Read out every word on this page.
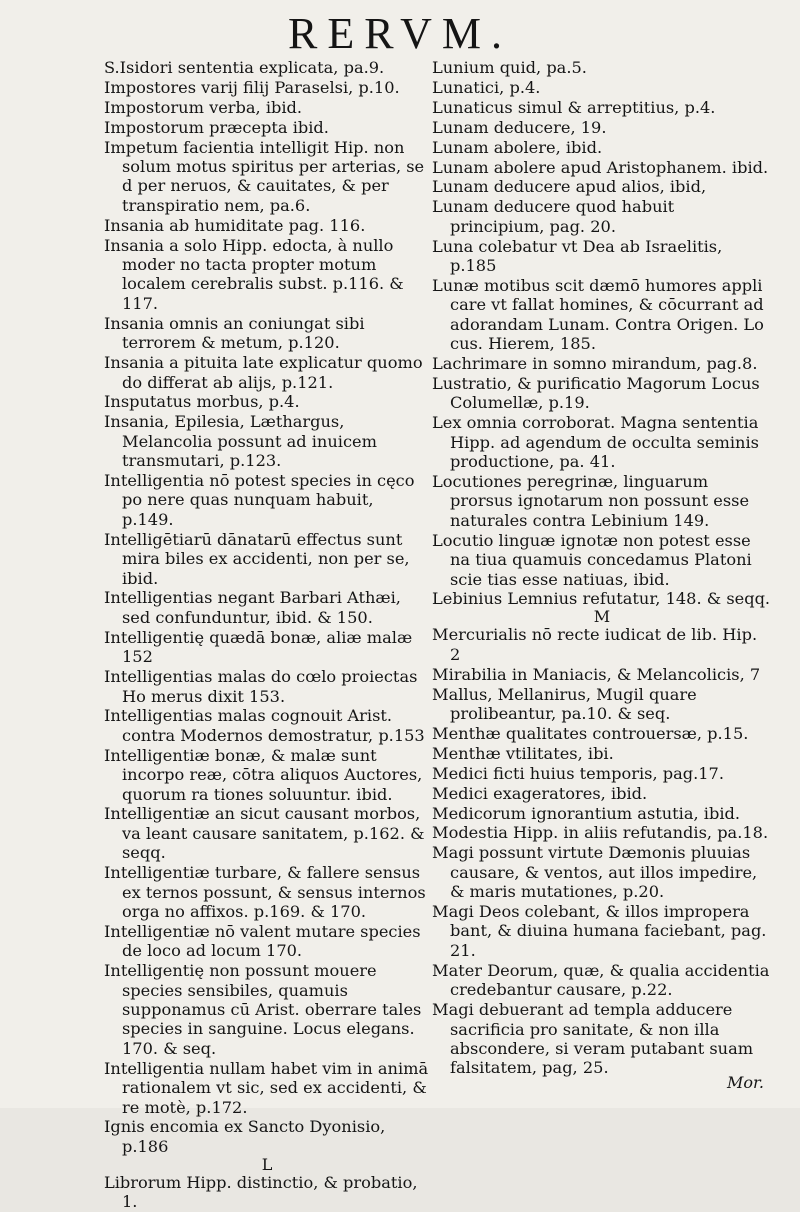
RERVM.
S.Isidori sententia explicata, pa.9.
Impostores varij filij Paraselsi, p.10.
Impostorum verba, ibid.
Impostorum præcepta ibid.
Impetum facientia intelligit Hip. non solum motus spiritus per arterias, se d per neruos, & cauitates, & per transpiratio nem, pa.6.
Insania ab humiditate pag. 116.
Insania a solo Hipp. edocta, à nullo moder no tacta propter motum localem cerebralis subst. p.116. & 117.
Insania omnis an coniungat sibi terrorem & metum, p.120.
Insania a pituita late explicatur quomo do differat ab alijs, p.121.
Insputatus morbus, p.4.
Insania, Epilesia, Læthargus, Melancolia possunt ad inuicem transmutari, p.123.
Intelligentia nō potest species in cęco po nere quas nunquam habuit, p.149.
Intelligētiarū dānatarū effectus sunt mira biles ex accidenti, non per se, ibid.
Intelligentias negant Barbari Athæi, sed confunduntur, ibid. & 150.
Intelligentię quædā bonæ, aliæ malæ 152
Intelligentias malas do cœlo proiectas Ho merus dixit 153.
Intelligentias malas cognouit Arist. contra Modernos demostratur, p.153
Intelligentiæ bonæ, & malæ sunt incorpo reæ, cōtra aliquos Auctores, quorum ra tiones soluuntur. ibid.
Intelligentiæ an sicut causant morbos, va leant causare sanitatem, p.162. & seqq.
Intelligentiæ turbare, & fallere sensus ex ternos possunt, & sensus internos orga no affixos. p.169. & 170.
Intelligentiæ nō valent mutare species de loco ad locum 170.
Intelligentię non possunt mouere species sensibiles, quamuis supponamus cū Arist. oberrare tales species in sanguine. Locus elegans. 170. & seq.
Intelligentia nullam habet vim in animā rationalem vt sic, sed ex accidenti, & re motè, p.172.
Ignis encomia ex Sancto Dyonisio, p.186
L
Librorum Hipp. distinctio, & probatio, 1.
Lunium quid, pa.5.
Lunatici, p.4.
Lunaticus simul & arreptitius, p.4.
Lunam deducere, 19.
Lunam abolere, ibid.
Lunam abolere apud Aristophanem. ibid.
Lunam deducere apud alios, ibid,
Lunam deducere quod habuit principium, pag. 20.
Luna colebatur vt Dea ab Israelitis, p.185
Lunæ motibus scit dæmō humores appli care vt fallat homines, & cōcurrant ad adorandam Lunam. Contra Origen. Lo cus. Hierem, 185.
Lachrimare in somno mirandum, pag.8.
Lustratio, & purificatio Magorum Locus Columellæ, p.19.
Lex omnia corroborat. Magna sententia Hipp. ad agendum de occulta seminis productione, pa. 41.
Locutiones peregrinæ, linguarum prorsus ignotarum non possunt esse naturales contra Lebinium 149.
Locutio linguæ ignotæ non potest esse na tiua quamuis concedamus Platoni scie tias esse natiuas, ibid.
Lebinius Lemnius refutatur, 148. & seqq.
M
Mercurialis nō recte iudicat de lib. Hip. 2
Mirabilia in Maniacis, & Melancolicis, 7
Mallus, Mellanirus, Mugil quare prolibeantur, pa.10. & seq.
Menthæ qualitates controuersæ, p.15.
Menthæ vtilitates, ibi.
Medici ficti huius temporis, pag.17.
Medici exageratores, ibid.
Medicorum ignorantium astutia, ibid.
Modestia Hipp. in aliis refutandis, pa.18.
Magi possunt virtute Dæmonis pluuias causare, & ventos, aut illos impedire, & maris mutationes, p.20.
Magi Deos colebant, & illos impropera bant, & diuina humana faciebant, pag. 21.
Mater Deorum, quæ, & qualia accidentia credebantur causare, p.22.
Magi debuerant ad templa adducere sacrificia pro sanitate, & non illa abscondere, si veram putabant suam falsitatem, pag, 25.
Mor.
